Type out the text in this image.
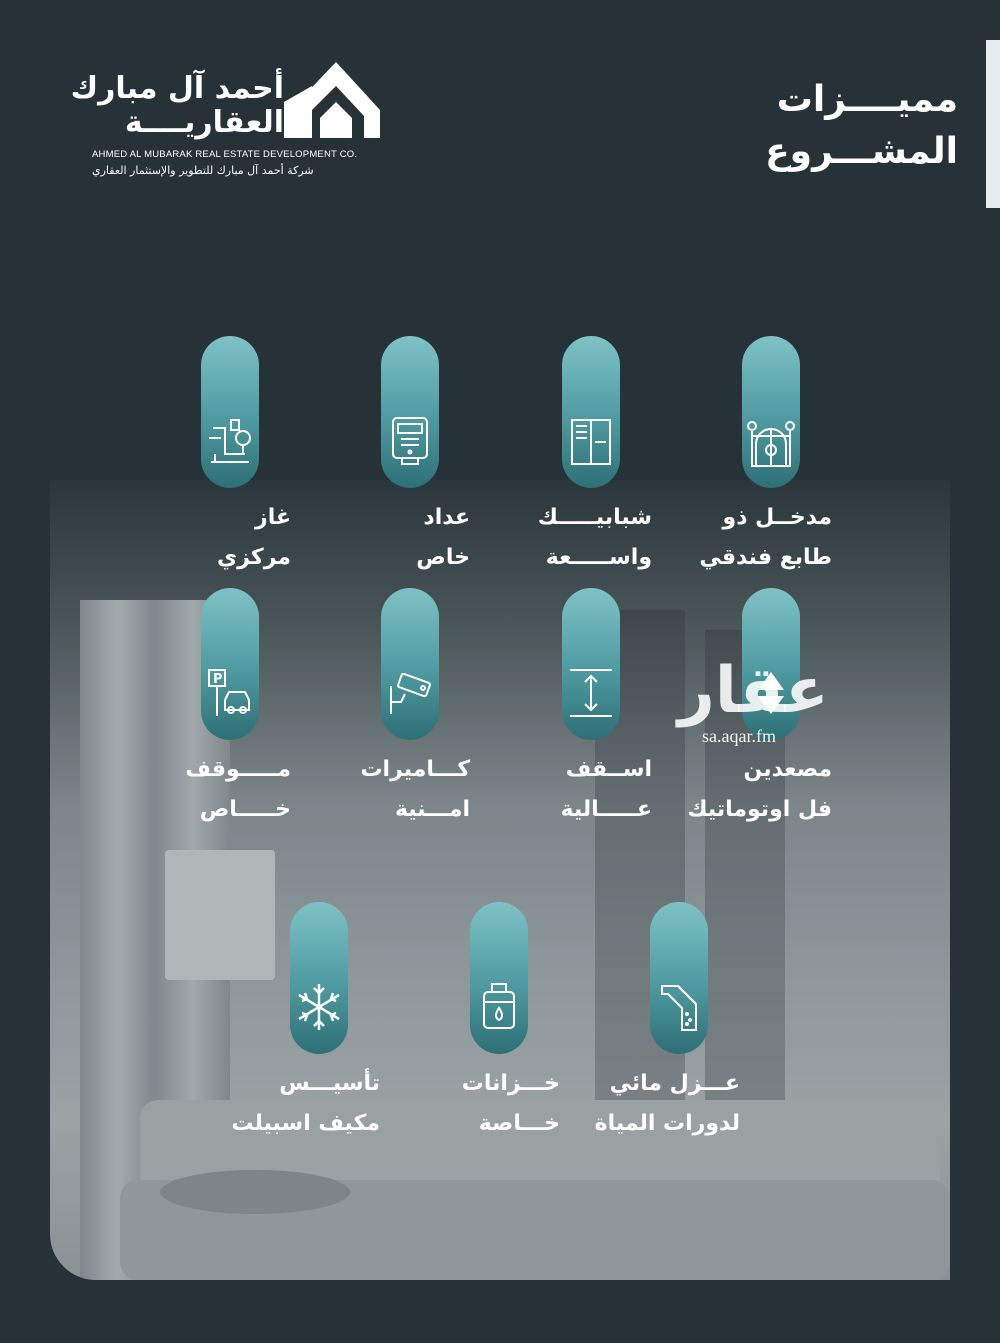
أحمد آل مبارك
العقاريــــة
AHMED AL MUBARAK REAL ESTATE DEVELOPMENT CO.
شركة أحمد آل مبارك للتطوير والإستثمار العقاري
مميــــزات
المشـــروع
مدخــل ذو
طابع فندقي
شبابيـــــك
واســـــعة
عداد
خاص
غاز
مركزي
مصعدين
فل اوتوماتيك
اســقف
عـــــالية
كـــاميرات
امـــنية
P
مـــــوقف
خـــــاص
عـــزل مائي
لدورات المياة
خـــزانات
خـــاصة
تأسيـــس
مكيف اسبيلت
عقار
sa.aqar.fm
